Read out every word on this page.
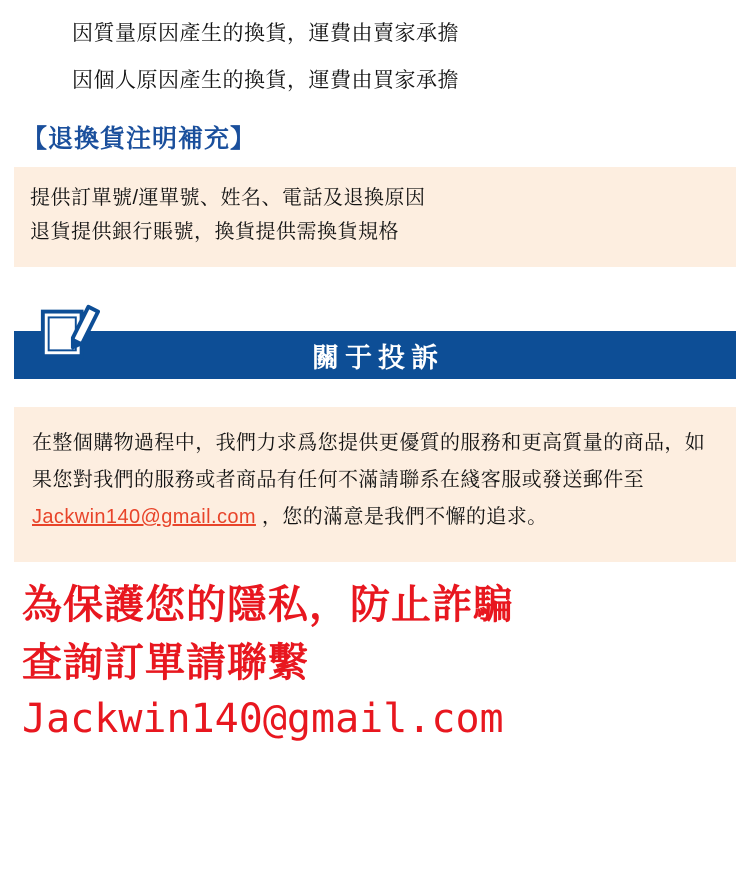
因質量原因產生的換貨，運費由賣家承擔
因個人原因產生的換貨，運費由買家承擔
【退換貨注明補充】
提供訂單號/運單號、姓名、電話及退換原因
退貨提供銀行賬號，換貨提供需換貨規格
關于投訴
在整個購物過程中，我們力求爲您提供更優質的服務和更高質量的商品，如果您對我們的服務或者商品有任何不滿請聯系在綫客服或發送郵件至 Jackwin140@gmail.com ，您的滿意是我們不懈的追求。
為保護您的隱私，防止詐騙
查詢訂單請聯繫
Jackwin140@gmail.com
